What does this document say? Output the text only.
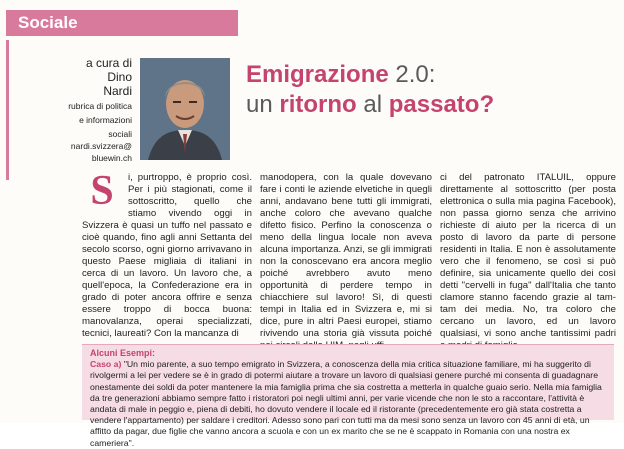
Sociale
a cura di
Dino
Nardi
rubrica di politica
e informazioni
sociali
nardi.svizzera@
bluewin.ch
Emigrazione 2.0:
un ritorno al passato?
S	i, purtroppo, è proprio così. Per i più stagionati, come il sottoscritto, quello che stiamo vivendo oggi in Svizzera è quasi un tuffo nel passato e cioè quando, fino agli anni Settanta del secolo scorso, ogni giorno arrivavano in questo Paese migliaia di italiani in cerca di un lavoro. Un lavoro che, a quell'epoca, la Confederazione era in grado di poter ancora offrire e senza essere troppo di bocca buona: manovalanza, operai specializzati, tecnici, laureati? Con la mancanza di
manodopera, con la quale dovevano fare i conti le aziende elvetiche in quegli anni, andavano bene tutti gli immigrati, anche coloro che avevano qualche difetto fisico. Perfino la conoscenza o meno della lingua locale non aveva alcuna importanza. Anzi, se gli immigrati non la conoscevano era ancora meglio poiché avrebbero avuto meno opportunità di perdere tempo in chiacchiere sul lavoro! Sì, di questi tempi in Italia ed in Svizzera e, mi si dice, pure in altri Paesi europei, stiamo rivivendo una storia già vissuta poiché
ci del patronato ITALUIL, oppure direttamente al sottoscritto (per posta elettronica o sulla mia pagina Facebook), non passa giorno senza che arrivino richieste di aiuto per la ricerca di un posto di lavoro da parte di persone residenti in Italia. E non è assolutamente vero che il fenomeno, se così si può definire, sia unicamente quello dei così detti "cervelli in fuga" dall'Italia che tanto clamore stanno facendo grazie al tam-tam dei media. No, tra coloro che cercano un lavoro, ed un lavoro qualsiasi, vi sono anche tantissimi padri
Alcuni Esempi:
Caso a) "Un mio parente, a suo tempo emigrato in Svizzera, a conoscenza della mia critica situazione familiare, mi ha suggerito di rivolgermi a lei per vedere se è in grado di potermi aiutare a trovare un lavoro di qualsiasi genere purché mi consenta di guadagnare onestamente dei soldi da poter mantenere la mia famiglia prima che sia costretta a metterla in qualche guaio serio. Nella mia famiglia da tre generazioni abbiamo sempre fatto i ristoratori poi negli ultimi anni, per varie vicende che non le sto a raccontare, l'attività è andata di male in peggio e, piena di debiti, ho dovuto vendere il locale ed il ristorante (precedentemente ero già stata costretta a vendere l'appartamento) per saldare i creditori. Adesso sono pari con tutti ma da mesi sono senza un lavoro con 45 anni di età, un affitto da pagar, due figlie che vanno ancora a scuola e con un ex marito che se ne è scappato in Romania con una nostra ex cameriera".
